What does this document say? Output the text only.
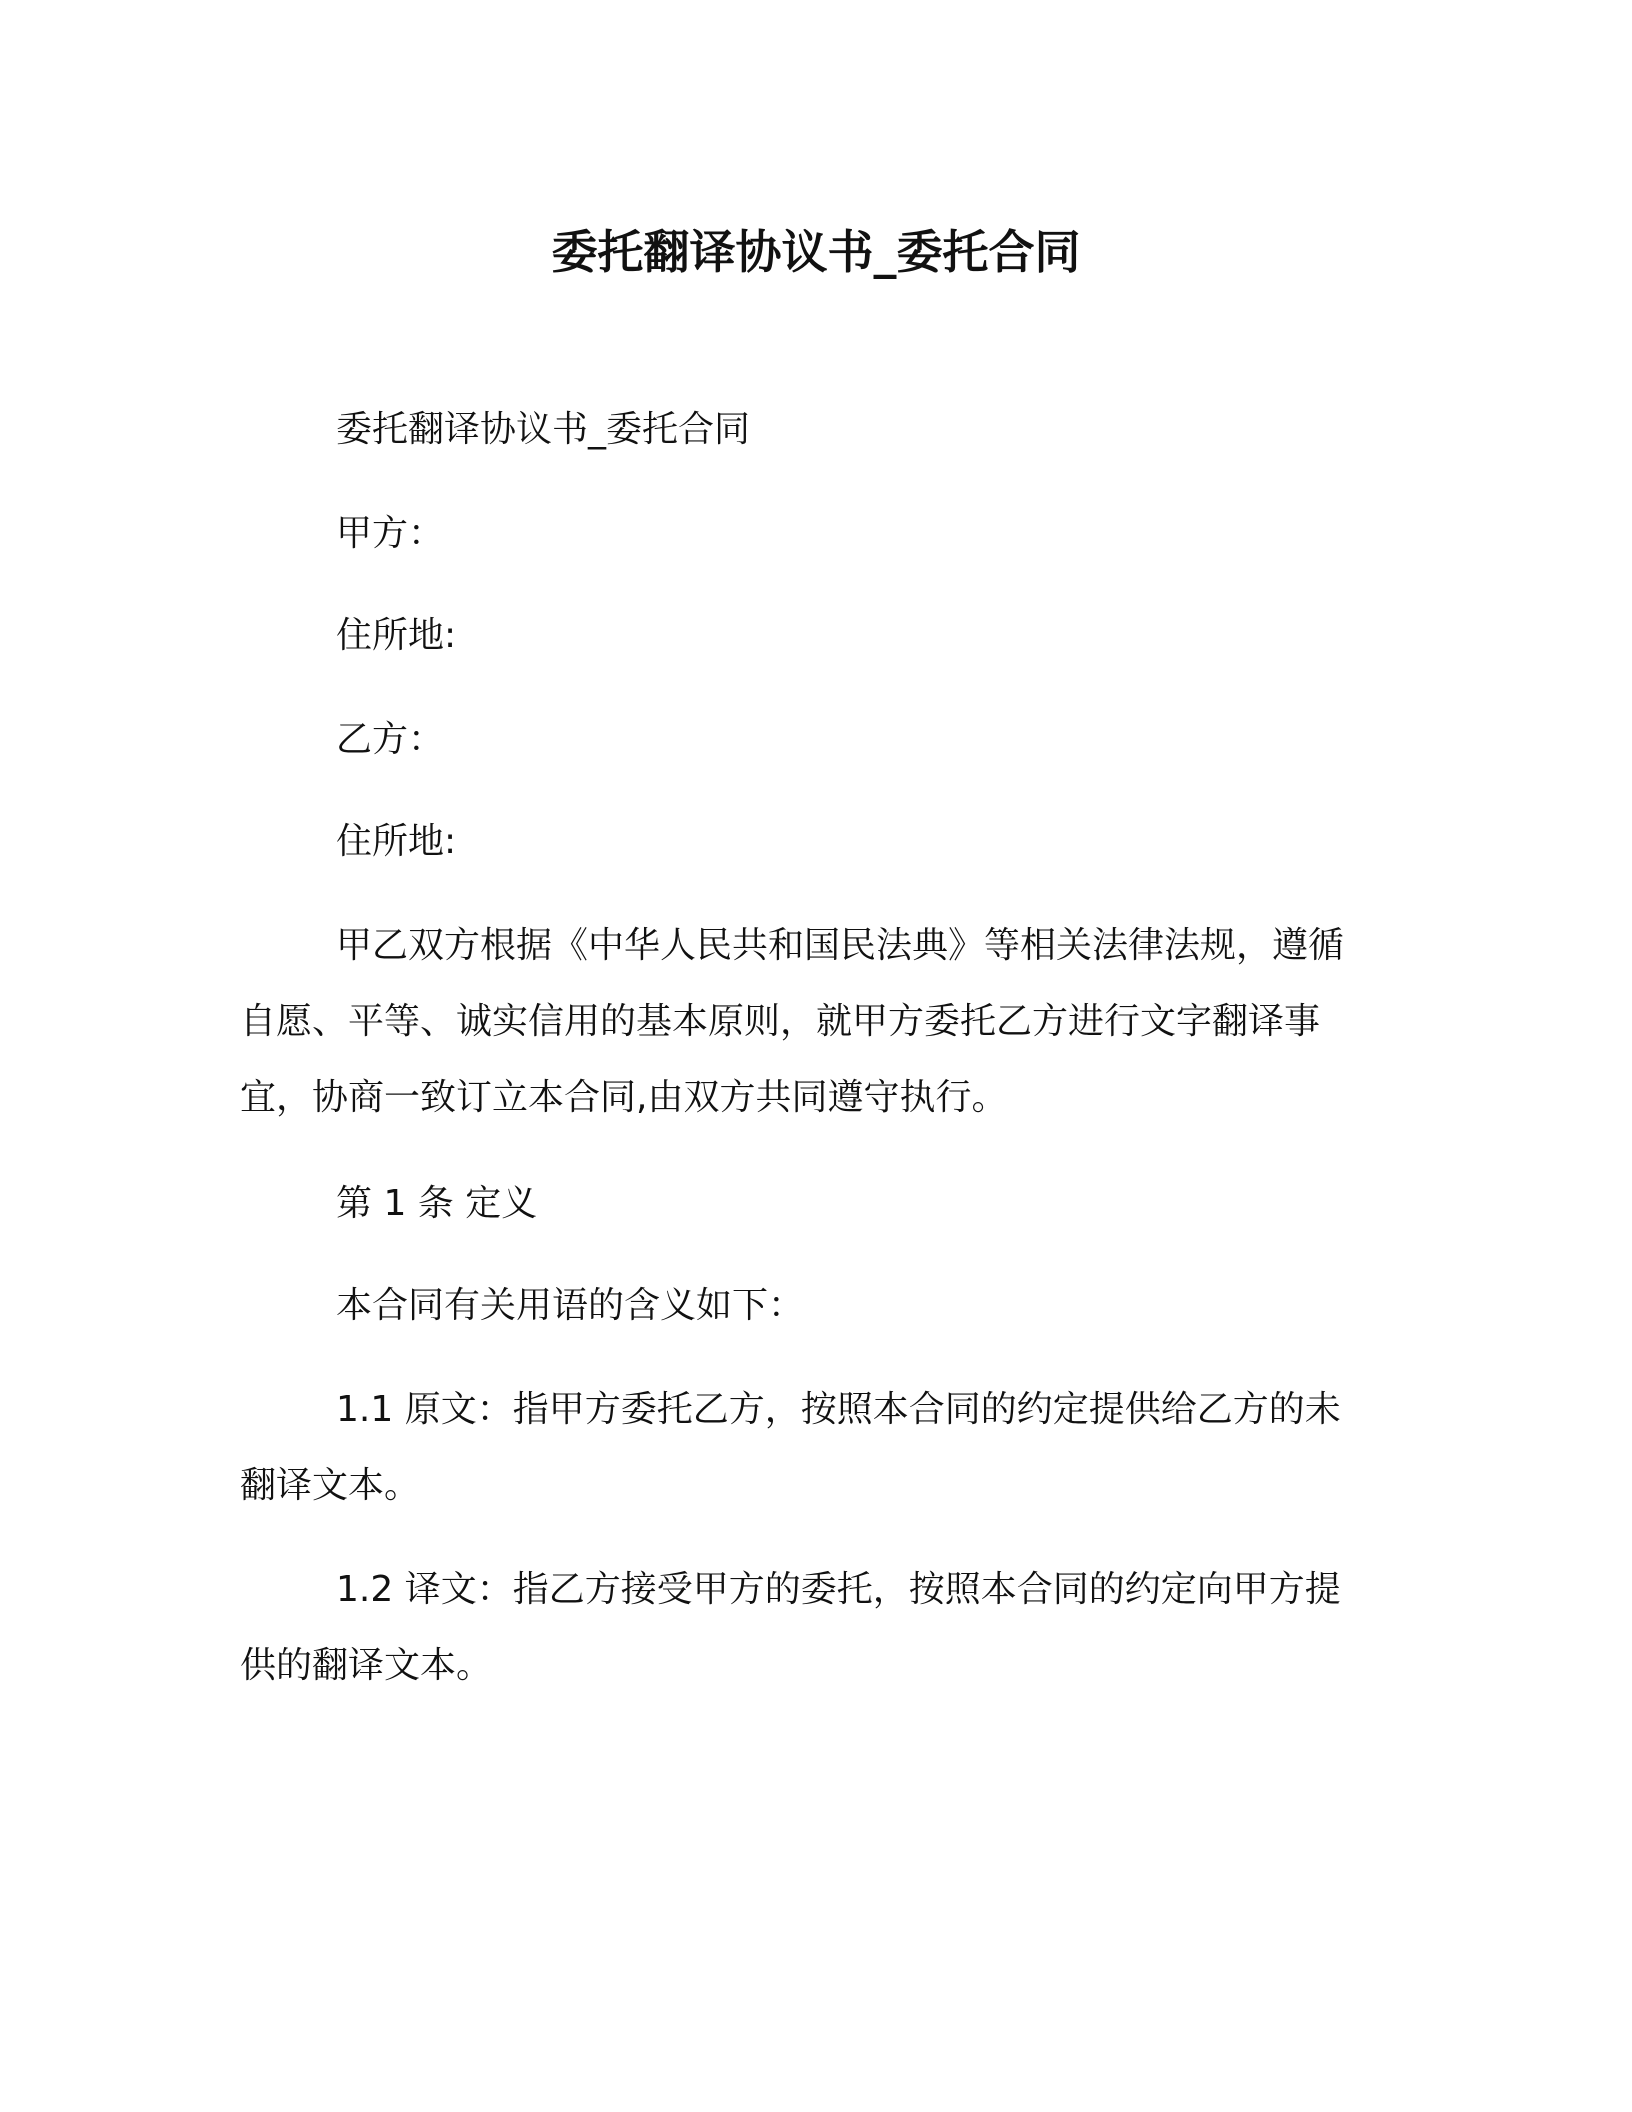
委托翻译协议书_委托合同

委托翻译协议书_委托合同

甲方：

住所地:

乙方：

住所地:

甲乙双方根据《中华人民共和国民法典》等相关法律法规，遵循自愿、平等、诚实信用的基本原则，就甲方委托乙方进行文字翻译事宜，协商一致订立本合同,由双方共同遵守执行。

第 1 条 定义

本合同有关用语的含义如下：

1.1 原文：指甲方委托乙方，按照本合同的约定提供给乙方的未翻译文本。

1.2 译文：指乙方接受甲方的委托，按照本合同的约定向甲方提供的翻译文本。
